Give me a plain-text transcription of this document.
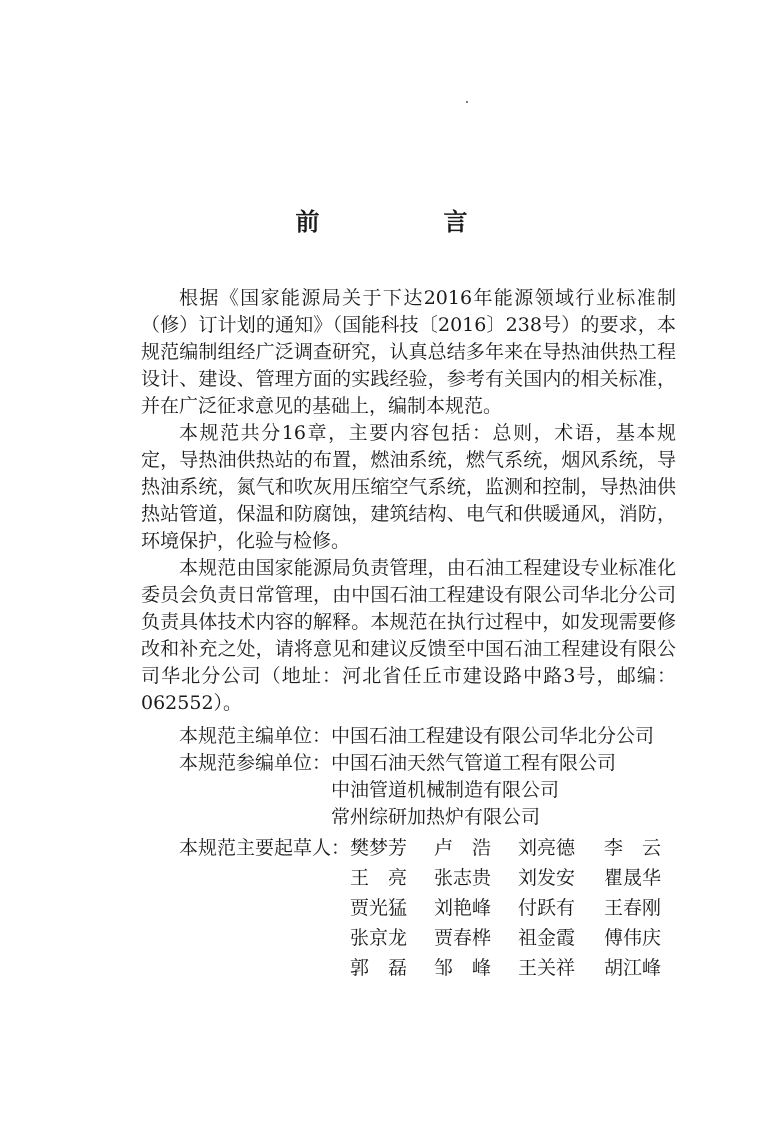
前　言

根据《国家能源局关于下达2016年能源领域行业标准制（修）订计划的通知》（国能科技〔2016〕238号）的要求，本规范编制组经广泛调查研究，认真总结多年来在导热油供热工程设计、建设、管理方面的实践经验，参考有关国内的相关标准，并在广泛征求意见的基础上，编制本规范。

本规范共分16章，主要内容包括：总则，术语，基本规定，导热油供热站的布置，燃油系统，燃气系统，烟风系统，导热油系统，氮气和吹灰用压缩空气系统，监测和控制，导热油供热站管道，保温和防腐蚀，建筑结构、电气和供暖通风，消防，环境保护，化验与检修。

本规范由国家能源局负责管理，由石油工程建设专业标准化委员会负责日常管理，由中国石油工程建设有限公司华北分公司负责具体技术内容的解释。本规范在执行过程中，如发现需要修改和补充之处，请将意见和建议反馈至中国石油工程建设有限公司华北分公司（地址：河北省任丘市建设路中路3号，邮编：062552）。

本规范主编单位： 中国石油工程建设有限公司华北分公司
本规范参编单位： 中国石油天然气管道工程有限公司
中油管道机械制造有限公司
常州综研加热炉有限公司
本规范主要起草人： 樊梦芳	卢　浩	刘亮德	李　云
王　亮	张志贵	刘发安	瞿晟华
贾光猛	刘艳峰	付跃有	王春刚
张京龙	贾春桦	祖金霞	傅伟庆
郭　磊	邹　峰	王关祥	胡江峰
